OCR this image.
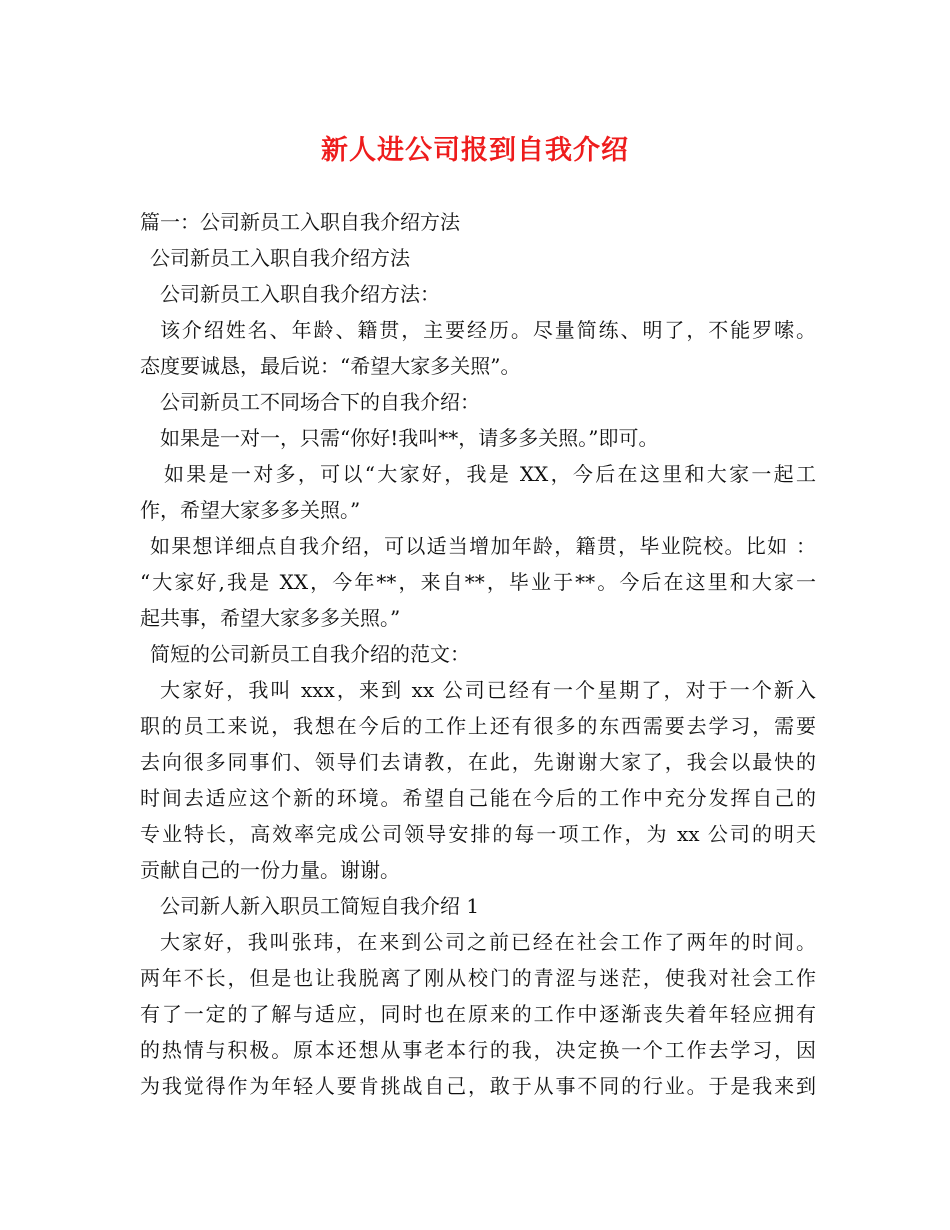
新人进公司报到自我介绍
篇一：公司新员工入职自我介绍方法
公司新员工入职自我介绍方法
公司新员工入职自我介绍方法：
该介绍姓名、年龄、籍贯，主要经历。尽量简练、明了，不能罗嗦。
态度要诚恳，最后说：“希望大家多关照”。
公司新员工不同场合下的自我介绍：
如果是一对一，只需“你好!我叫**，请多多关照。”即可。
如果是一对多，可以“大家好，我是 XX，今后在这里和大家一起工
作，希望大家多多关照。”
如果想详细点自我介绍，可以适当增加年龄，籍贯，毕业院校。比如 ：
“大家好,我是 XX，今年**，来自**，毕业于**。今后在这里和大家一
起共事，希望大家多多关照。”
简短的公司新员工自我介绍的范文：
大家好，我叫 xxx，来到 xx 公司已经有一个星期了，对于一个新入
职的员工来说，我想在今后的工作上还有很多的东西需要去学习，需要
去向很多同事们、领导们去请教，在此，先谢谢大家了，我会以最快的
时间去适应这个新的环境。希望自己能在今后的工作中充分发挥自己的
专业特长，高效率完成公司领导安排的每一项工作，为 xx 公司的明天
贡献自己的一份力量。谢谢。
公司新人新入职员工简短自我介绍 1
大家好，我叫张玮，在来到公司之前已经在社会工作了两年的时间。
两年不长，但是也让我脱离了刚从校门的青涩与迷茫，使我对社会工作
有了一定的了解与适应，同时也在原来的工作中逐渐丧失着年轻应拥有
的热情与积极。原本还想从事老本行的我，决定换一个工作去学习，因
为我觉得作为年轻人要肯挑战自己，敢于从事不同的行业。于是我来到
